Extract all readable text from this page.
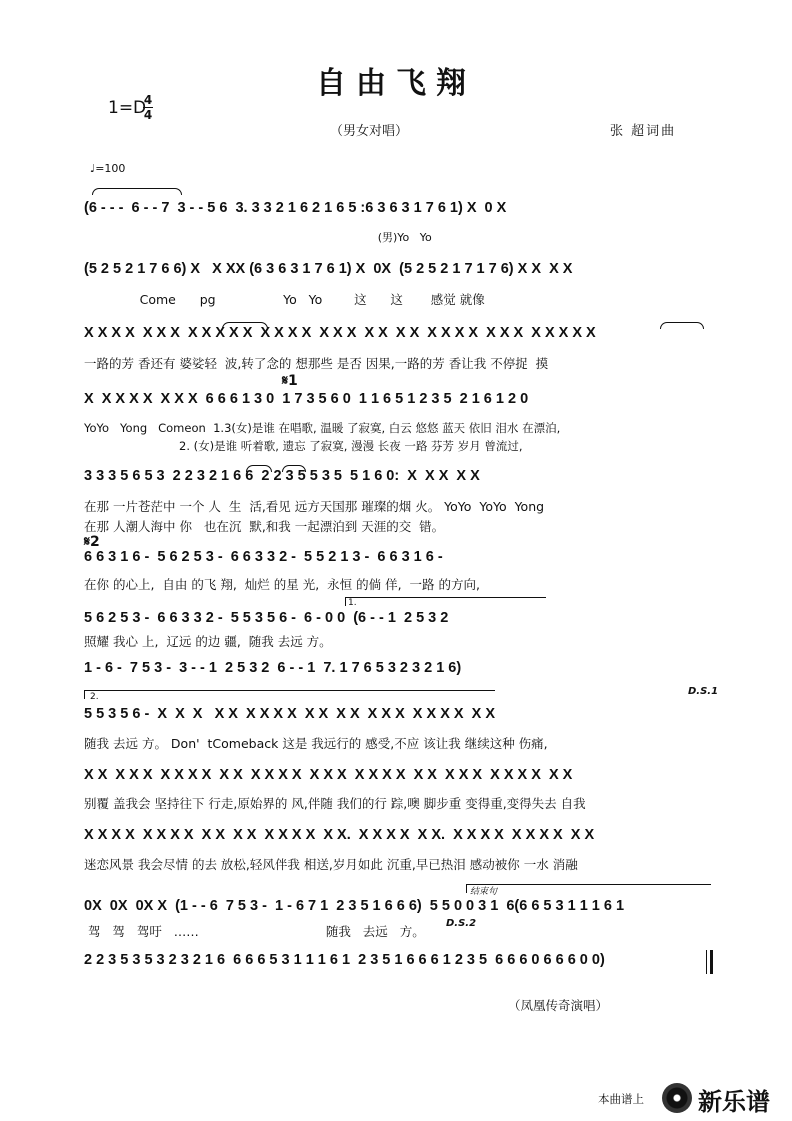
自由飞翔
1=D
4
4
（男女对唱）	张 超词曲
♩=100
(6 - - -  6 - - 7  3 - - 5 6  3. 3 3 2 1 6 2 1 6 5 :6 3 6 3 1 7 6 1) X  0 X
(男)Yo   Yo
(5 2 5 2 1 7 6 6) X   X XX (6 3 6 3 1 7 6 1) X  0X  (5 2 5 2 1 7 1 7 6) X X  X X
Come      pg                 Yo   Yo        这      这       感觉 就像
X X X X  X X X  X X X X X  X X X X  X X X  X X  X X  X X X X  X X X  X X X X X
一路的芳 香还有 婆娑轻  波,转了念的 想那些 是否 因果,一路的芳 香让我 不停捉  摸
X  X X X X  X X X  6 6 6 1 3 0  1 7 3 5 6 0  1 1 6 5 1 2 3 5  2 1 6 1 2 0
YoYo   Yong   Comeon  1.3(女)是谁 在唱歌, 温暖 了寂寞, 白云 悠悠 蓝天 依旧 泪水 在漂泊,
2. (女)是谁 听着歌, 遗忘 了寂寞, 漫漫 长夜 一路 芬芳 岁月 曾流过,
3 3 3 5 6 5 3  2 2 3 2 1 6 6  2 2 3 5 5 3 5  5 1 6 0:  X  X X  X X
在那 一片苍茫中 一个 人  生  活,看见 远方天国那 璀璨的烟 火。 YoYo  YoYo  Yong
在那 人潮人海中 你   也在沉  默,和我 一起漂泊到 天涯的交  错。
6 6 3 1 6 -  5 6 2 5 3 -  6 6 3 3 2 -  5 5 2 1 3 -  6 6 3 1 6 -
在你 的心上,  自由 的飞 翔,  灿烂 的星 光,  永恒 的倘 佯,  一路 的方向,
5 6 2 5 3 -  6 6 3 3 2 -  5 5 3 5 6 -  6 - 0 0  (6 - - 1  2 5 3 2
照耀 我心 上,  辽远 的边 疆,  随我 去远 方。
1 - 6 -  7 5 3 -  3 - - 1  2 5 3 2  6 - - 1  7. 1 7 6 5 3 2 3 2 1 6)
5 5 3 5 6 -  X  X  X   X X  X X X X  X X  X X  X X X  X X X X  X X
随我 去远 方。 Don'  tComeback 这是 我远行的 感受,不应 该让我 继续这种 伤痛,
X X  X X X  X X X X  X X  X X X X  X X X  X X X X  X X  X X X  X X X X  X X
别覆 盖我会 坚持往下 行走,原始界的 风,伴随 我们的行 踪,噢 脚步重 变得重,变得失去 自我
X X X X  X X X X  X X  X X  X X X X  X X.  X X X X  X X.  X X X X  X X X X  X X
迷恋风景 我会尽情 的去 放松,轻风伴我 相送,岁月如此 沉重,早已热泪 感动被你 一水 消融
0X  0X  0X X  (1 - - 6  7 5 3 -  1 - 6 7 1  2 3 5 1 6 6 6)  5 5 0 0 3 1  6(6 6 5 3 1 1 1 6 1
驾   驾   驾吁   ……                                随我   去远   方。
2 2 3 5 3 5 3 2 3 2 1 6  6 6 6 5 3 1 1 1 6 1  2 3 5 1 6 6 6 1 2 3 5  6 6 6 0 6 6 6 0 0)
𝄋1
𝄋2
D.S.1
D.S.2
1.
2.
结束句
（凤凰传奇演唱）
本曲谱上 新乐谱
